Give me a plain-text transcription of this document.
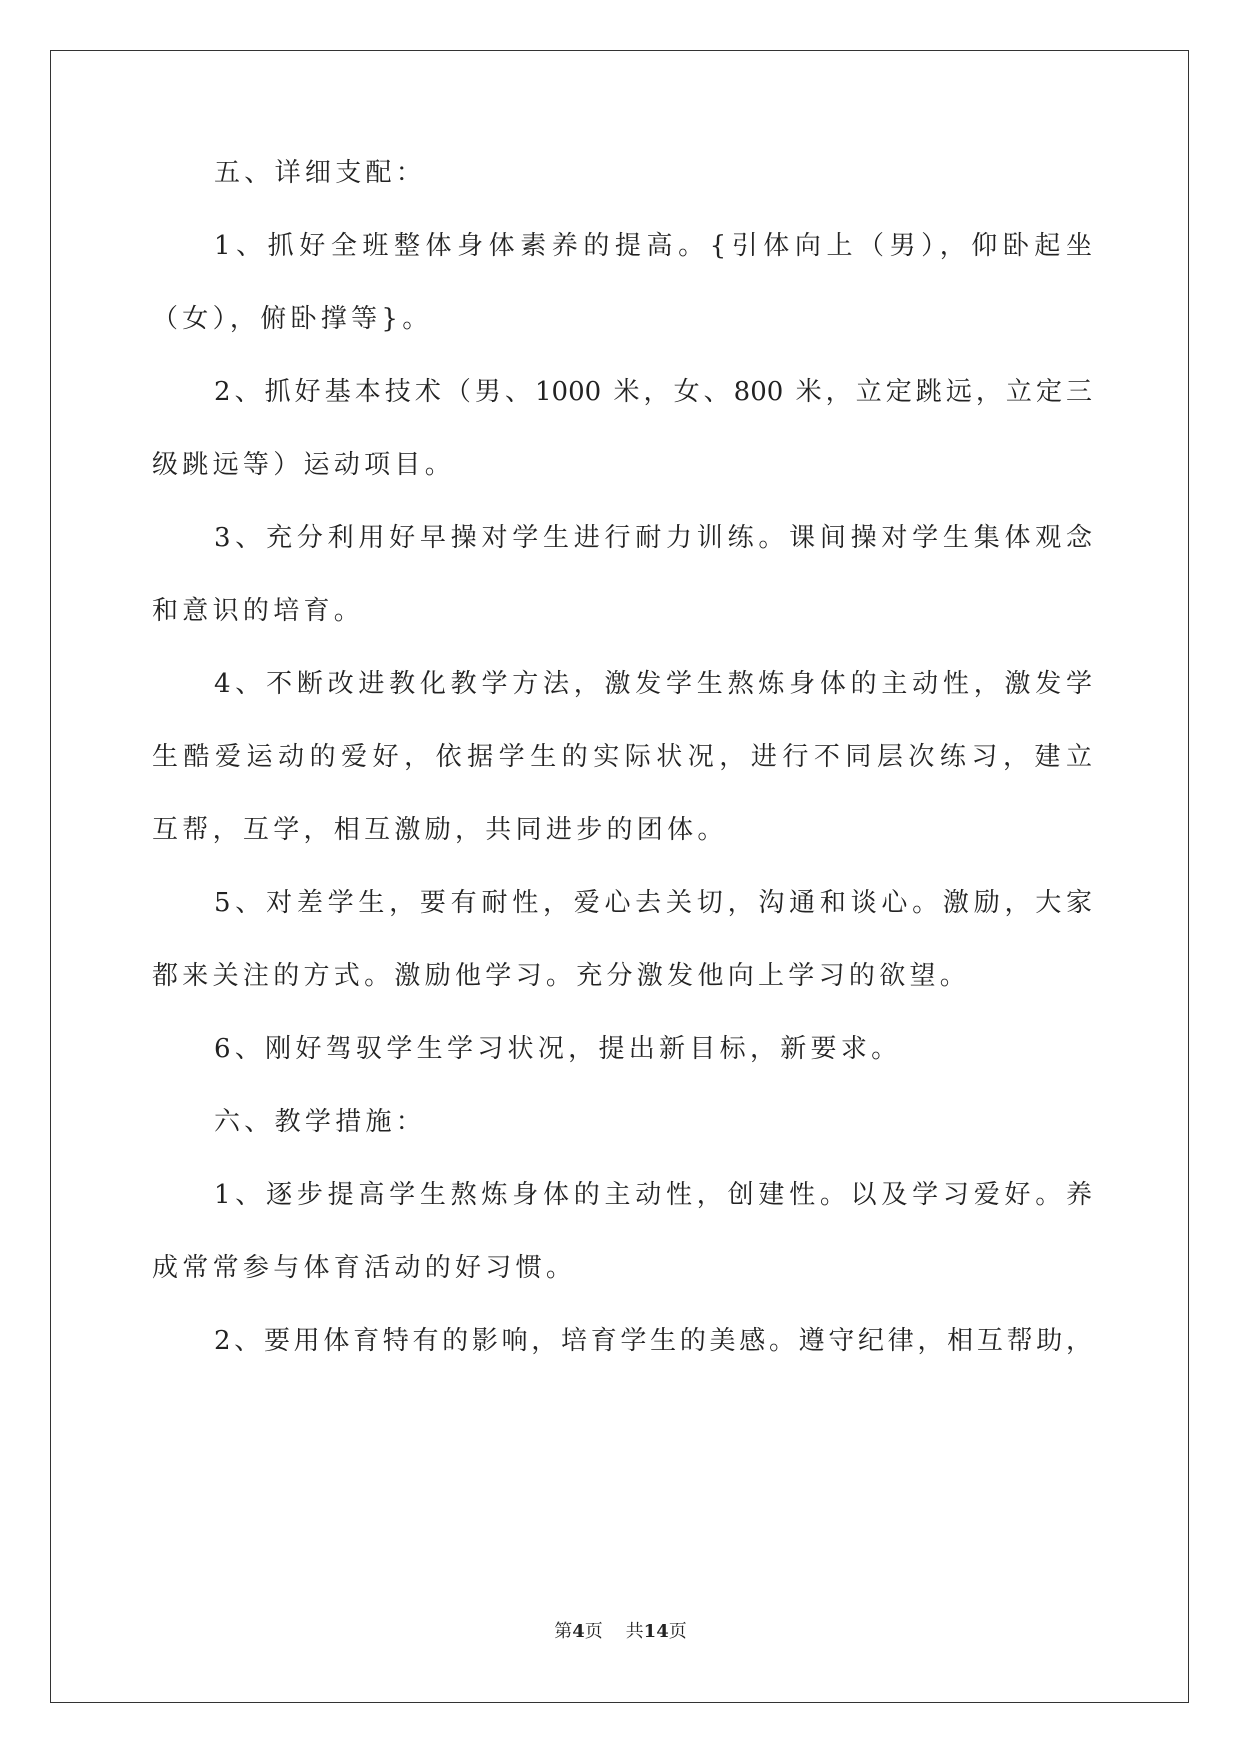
五、详细支配：
1、抓好全班整体身体素养的提高。{引体向上（男），仰卧起坐
（女），俯卧撑等}。
2、抓好基本技术（男、1000 米，女、800 米，立定跳远，立定三
级跳远等）运动项目。
3、充分利用好早操对学生进行耐力训练。课间操对学生集体观念
和意识的培育。
4、不断改进教化教学方法，激发学生熬炼身体的主动性，激发学
生酷爱运动的爱好，依据学生的实际状况，进行不同层次练习，建立
互帮，互学，相互激励，共同进步的团体。
5、对差学生，要有耐性，爱心去关切，沟通和谈心。激励，大家
都来关注的方式。激励他学习。充分激发他向上学习的欲望。
6、刚好驾驭学生学习状况，提出新目标，新要求。
六、教学措施：
1、逐步提高学生熬炼身体的主动性，创建性。以及学习爱好。养
成常常参与体育活动的好习惯。
2、要用体育特有的影响，培育学生的美感。遵守纪律，相互帮助，
第4页 共14页
